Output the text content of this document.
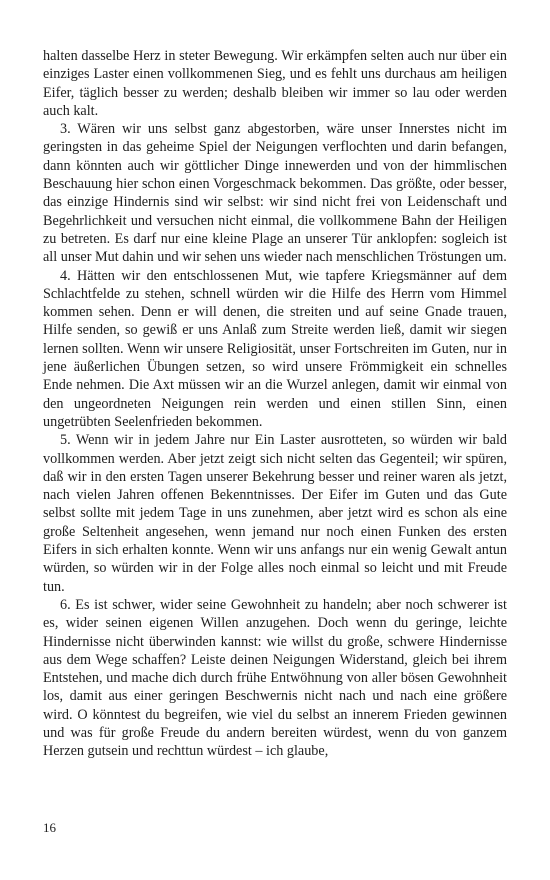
halten dasselbe Herz in steter Bewegung. Wir erkämpfen selten auch nur über ein einziges Laster einen vollkommenen Sieg, und es fehlt uns durchaus am heiligen Eifer, täglich besser zu werden; deshalb bleiben wir immer so lau oder werden auch kalt.

3. Wären wir uns selbst ganz abgestorben, wäre unser Innerstes nicht im geringsten in das geheime Spiel der Neigungen verflochten und darin befangen, dann könnten auch wir göttlicher Dinge innewerden und von der himmlischen Beschauung hier schon einen Vorgeschmack bekommen. Das größte, oder besser, das einzige Hindernis sind wir selbst: wir sind nicht frei von Leidenschaft und Begehrlichkeit und versuchen nicht einmal, die vollkommene Bahn der Heiligen zu betreten. Es darf nur eine kleine Plage an unserer Tür anklopfen: sogleich ist all unser Mut dahin und wir sehen uns wieder nach menschlichen Tröstungen um.

4. Hätten wir den entschlossenen Mut, wie tapfere Kriegsmänner auf dem Schlachtfelde zu stehen, schnell würden wir die Hilfe des Herrn vom Himmel kommen sehen. Denn er will denen, die streiten und auf seine Gnade trauen, Hilfe senden, so gewiß er uns Anlaß zum Streite werden ließ, damit wir siegen lernen sollten. Wenn wir unsere Religiosität, unser Fortschreiten im Guten, nur in jene äußerlichen Übungen setzen, so wird unsere Frömmigkeit ein schnelles Ende nehmen. Die Axt müssen wir an die Wurzel anlegen, damit wir einmal von den ungeordneten Neigungen rein werden und einen stillen Sinn, einen ungetrübten Seelenfrieden bekommen.

5. Wenn wir in jedem Jahre nur Ein Laster ausrotteten, so würden wir bald vollkommen werden. Aber jetzt zeigt sich nicht selten das Gegenteil; wir spüren, daß wir in den ersten Tagen unserer Bekehrung besser und reiner waren als jetzt, nach vielen Jahren offenen Bekenntnisses. Der Eifer im Guten und das Gute selbst sollte mit jedem Tage in uns zunehmen, aber jetzt wird es schon als eine große Seltenheit angesehen, wenn jemand nur noch einen Funken des ersten Eifers in sich erhalten konnte. Wenn wir uns anfangs nur ein wenig Gewalt antun würden, so würden wir in der Folge alles noch einmal so leicht und mit Freude tun.

6. Es ist schwer, wider seine Gewohnheit zu handeln; aber noch schwerer ist es, wider seinen eigenen Willen anzugehen. Doch wenn du geringe, leichte Hindernisse nicht überwinden kannst: wie willst du große, schwere Hindernisse aus dem Wege schaffen? Leiste deinen Neigungen Widerstand, gleich bei ihrem Entstehen, und mache dich durch frühe Entwöhnung von aller bösen Gewohnheit los, damit aus einer geringen Beschwernis nicht nach und nach eine größere wird. O könntest du begreifen, wie viel du selbst an innerem Frieden gewinnen und was für große Freude du andern bereiten würdest, wenn du von ganzem Herzen gutsein und rechttun würdest – ich glaube,

16
